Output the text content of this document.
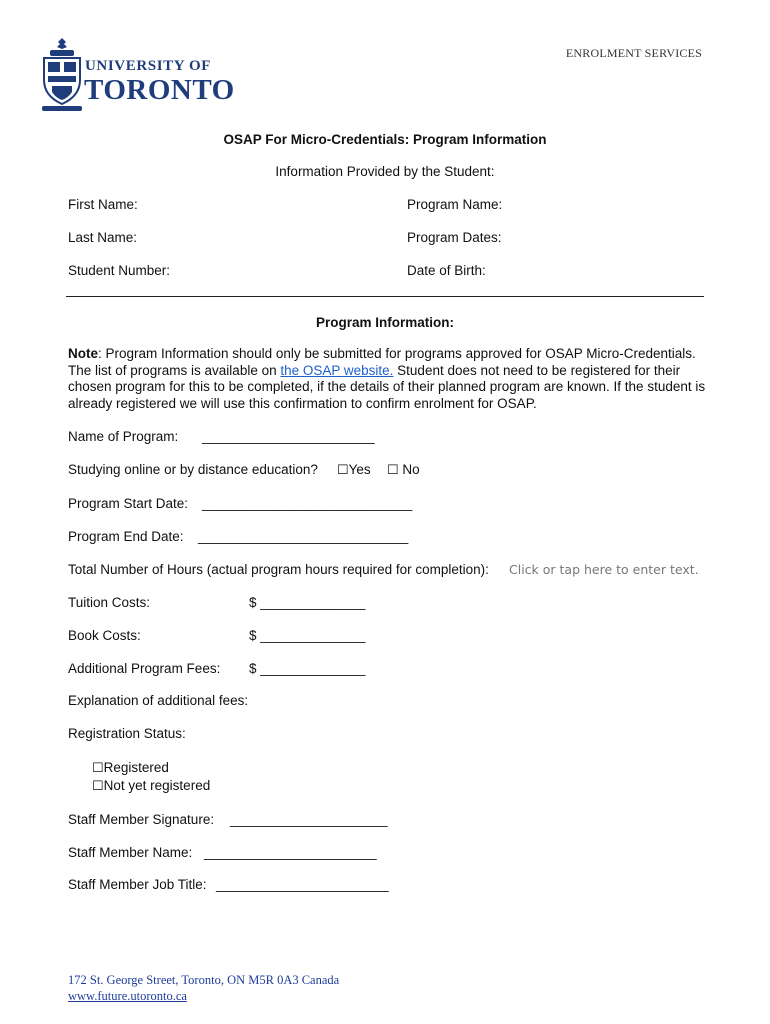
UNIVERSITY OF
TORONTO
ENROLMENT SERVICES
OSAP For Micro-Credentials: Program Information
Information Provided by the Student:
First Name:
Last Name:
Student Number:
Program Name:
Program Dates:
Date of Birth:
Program Information:
Note: Program Information should only be submitted for programs approved for OSAP Micro-Credentials. The list of programs is available on the OSAP website. Student does not need to be registered for their chosen program for this to be completed, if the details of their planned program are known. If the student is already registered we will use this confirmation to confirm enrolment for OSAP.
Name of Program: _______________________
Studying online or by distance education? ☐Yes ☐ No
Program Start Date: ____________________________
Program End Date: ____________________________
Total Number of Hours (actual program hours required for completion): Click or tap here to enter text.
Tuition Costs:	$ ______________
Book Costs:	$ ______________
Additional Program Fees: $ ______________
Explanation of additional fees:
Registration Status:
☐Registered
☐Not yet registered
Staff Member Signature: _____________________
Staff Member Name: _______________________
Staff Member Job Title: _______________________
172 St. George Street, Toronto, ON M5R 0A3 Canada
www.future.utoronto.ca
